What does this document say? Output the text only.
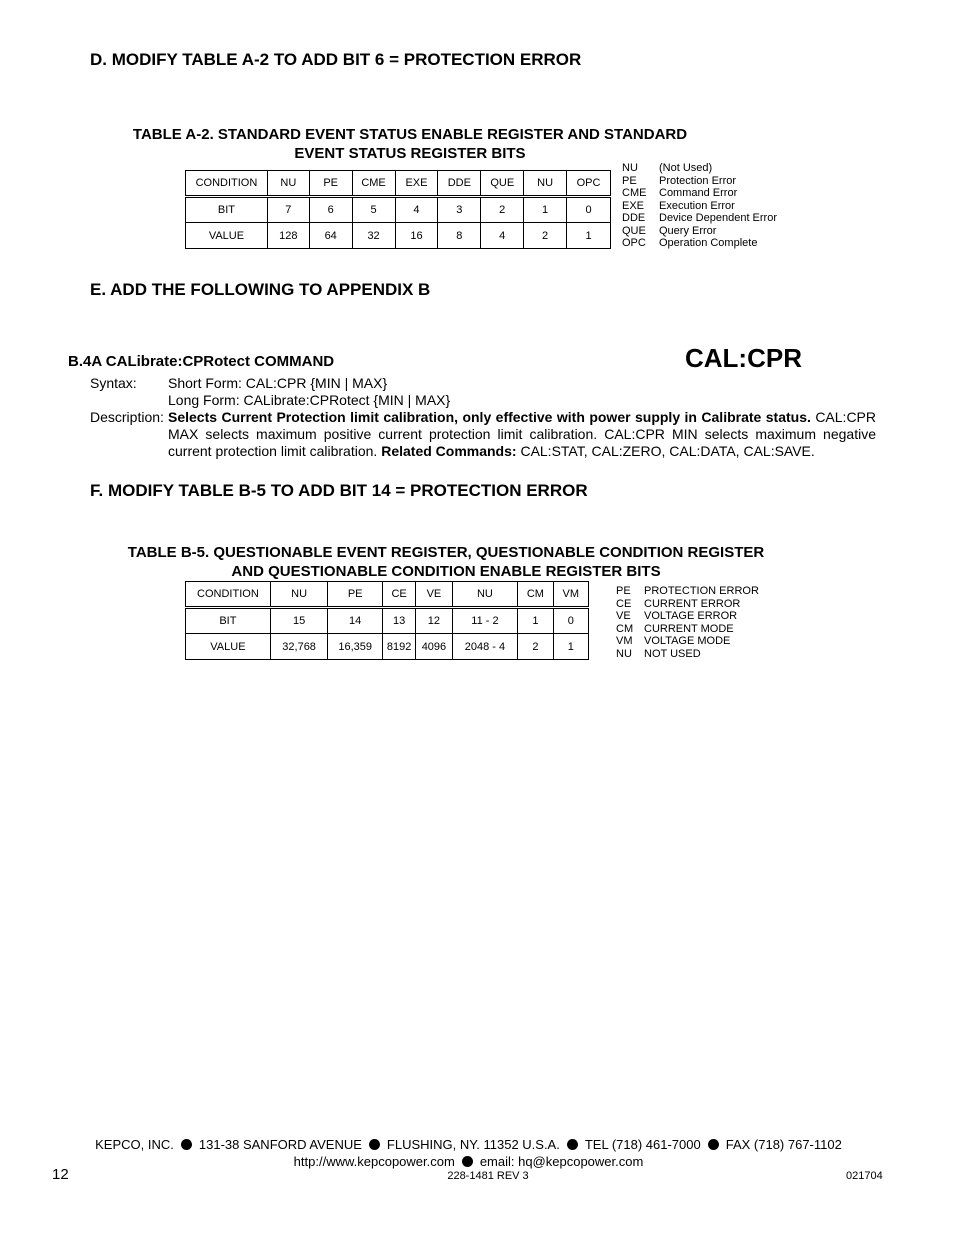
D. MODIFY TABLE A-2 TO ADD BIT 6 = PROTECTION ERROR
TABLE A-2. STANDARD EVENT STATUS ENABLE REGISTER AND STANDARD
EVENT STATUS REGISTER BITS
CONDITION	NU	PE	CME	EXE	DDE	QUE	NU	OPC
BIT	7	6	5	4	3	2	1	0
VALUE	128	64	32	16	8	4	2	1
NU	(Not Used)
PE	Protection Error
CME	Command Error
EXE	Execution Error
DDE	Device Dependent Error
QUE	Query Error
OPC	Operation Complete
E. ADD THE FOLLOWING TO APPENDIX B
B.4A CALibrate:CPRotect COMMAND	CAL:CPR
Syntax: Short Form: CAL:CPR {MIN | MAX}
Long Form: CALibrate:CPRotect {MIN | MAX}
Description: Selects Current Protection limit calibration, only effective with power supply in Calibrate status. CAL:CPR MAX selects maximum positive current protection limit calibration. CAL:CPR MIN selects maximum negative current protection limit calibration. Related Commands: CAL:STAT, CAL:ZERO, CAL:DATA, CAL:SAVE.
F. MODIFY TABLE B-5 TO ADD BIT 14 = PROTECTION ERROR
TABLE B-5. QUESTIONABLE EVENT REGISTER, QUESTIONABLE CONDITION REGISTER
AND QUESTIONABLE CONDITION ENABLE REGISTER BITS
CONDITION	NU	PE	CE	VE	NU	CM	VM
BIT	15	14	13	12	11 - 2	1	0
VALUE	32,768	16,359	8192	4096	2048 - 4	2	1
PE	PROTECTION ERROR
CE	CURRENT ERROR
VE	VOLTAGE ERROR
CM CURRENT MODE
VM	VOLTAGE MODE
NU	NOT USED
KEPCO, INC. 131-38 SANFORD AVENUE FLUSHING, NY. 11352 U.S.A. TEL (718) 461-7000 FAX (718) 767-1102
http://www.kepcopower.com email: hq@kepcopower.com
12	228-1481 REV 3	021704
